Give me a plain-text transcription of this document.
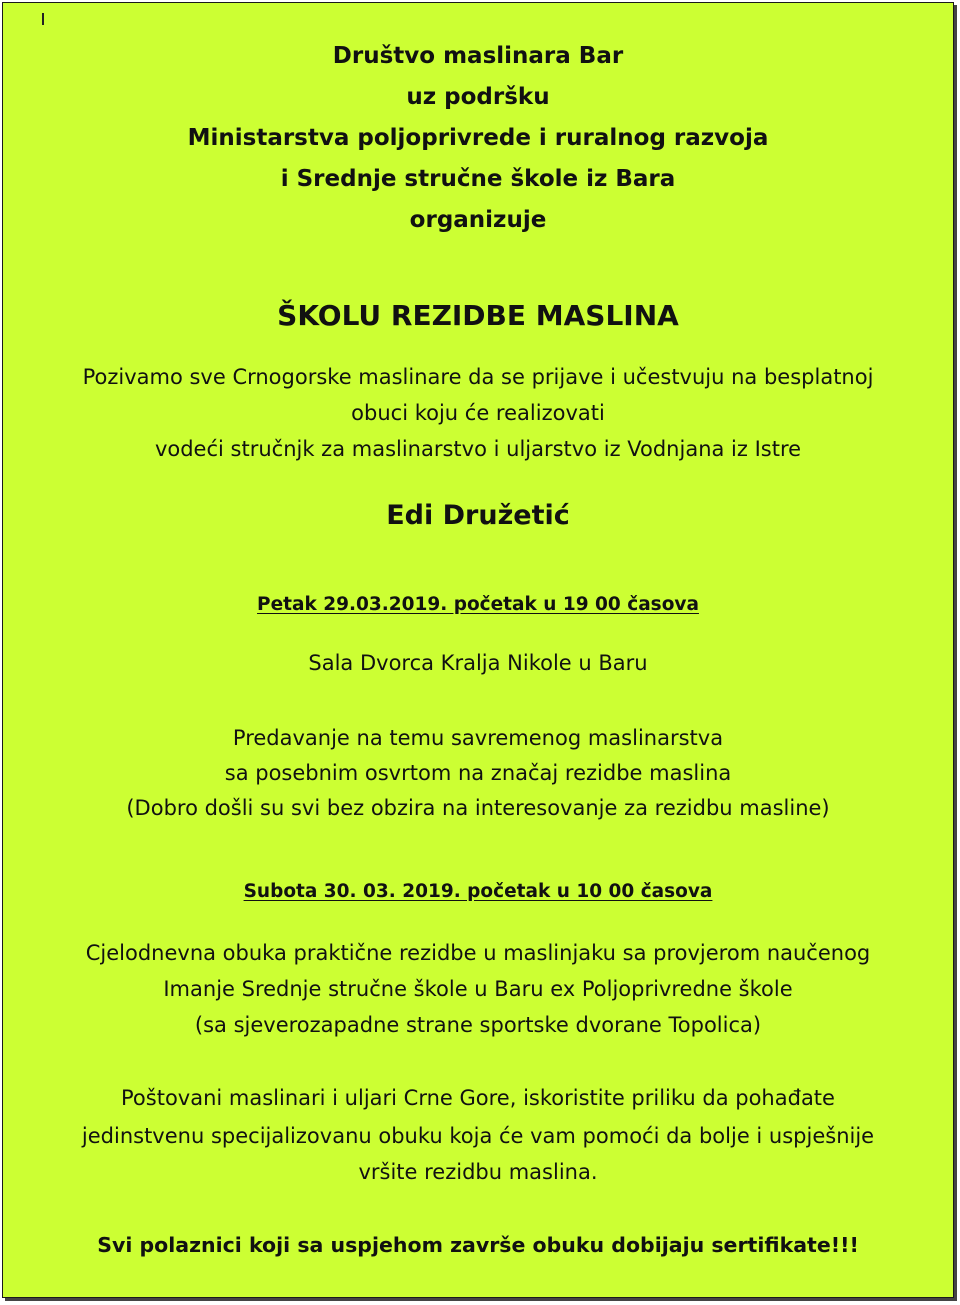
Društvo maslinara Bar
uz podršku
Ministarstva poljoprivrede i ruralnog razvoja
i Srednje stručne škole iz Bara
organizuje
ŠKOLU REZIDBE MASLINA
Pozivamo sve Crnogorske maslinare da se prijave i učestvuju na besplatnoj
obuci koju će realizovati
vodeći stručnjk za maslinarstvo i uljarstvo iz Vodnjana iz Istre
Edi Družetić
Petak 29.03.2019. početak u 19 00 časova
Sala Dvorca Kralja Nikole u Baru
Predavanje na temu savremenog maslinarstva
sa posebnim osvrtom na značaj rezidbe maslina
(Dobro došli su svi bez obzira na interesovanje za rezidbu masline)
Subota 30. 03. 2019. početak u 10 00 časova
Cjelodnevna obuka praktične rezidbe u maslinjaku sa provjerom naučenog
Imanje Srednje stručne škole u Baru ex Poljoprivredne škole
(sa sjeverozapadne strane sportske dvorane Topolica)
Poštovani maslinari i uljari Crne Gore, iskoristite priliku da pohađate
jedinstvenu specijalizovanu obuku koja će vam pomoći da bolje i uspješnije
vršite rezidbu maslina.
Svi polaznici koji sa uspjehom završe obuku dobijaju sertifikate!!!
